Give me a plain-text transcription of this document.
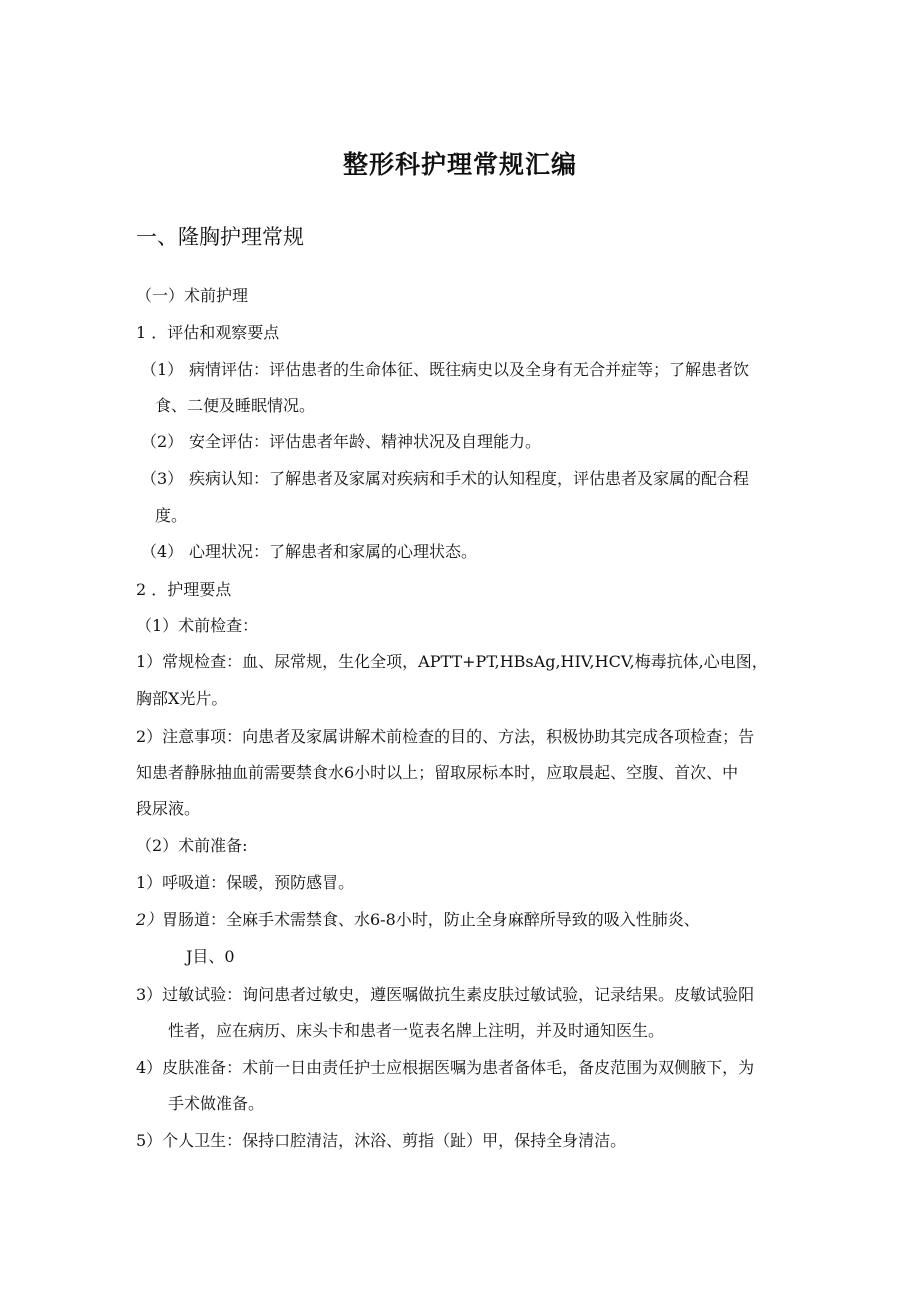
整形科护理常规汇编
一、隆胸护理常规
（一）术前护理
1 ．评估和观察要点
（1） 病情评估：评估患者的生命体征、既往病史以及全身有无合并症等；了解患者饮
食、二便及睡眠情况。
（2） 安全评估：评估患者年龄、精神状况及自理能力。
（3） 疾病认知：了解患者及家属对疾病和手术的认知程度，评估患者及家属的配合程
度。
（4） 心理状况：了解患者和家属的心理状态。
2 ．护理要点
（1）术前检查：
1）常规检查：血、尿常规，生化全项，APTT+PT,HBsAg,HIV,HCV,梅毒抗体,心电图，
胸部X光片。
2）注意事项：向患者及家属讲解术前检查的目的、方法，积极协助其完成各项检查；告
知患者静脉抽血前需要禁食水6小时以上；留取尿标本时，应取晨起、空腹、首次、中
段尿液。
（2）术前准备:
1）呼吸道：保暖，预防感冒。
2） 胃肠道：全麻手术需禁食、水6-8小时，防止全身麻醉所导致的吸入性肺炎、
J目、0
3）过敏试验：询问患者过敏史，遵医嘱做抗生素皮肤过敏试验，记录结果。皮敏试验阳
性者，应在病历、床头卡和患者一览表名牌上注明，并及时通知医生。
4）皮肤准备：术前一日由责任护士应根据医嘱为患者备体毛，备皮范围为双侧腋下，为
手术做准备。
5）个人卫生：保持口腔清洁，沐浴、剪指（趾）甲，保持全身清洁。
